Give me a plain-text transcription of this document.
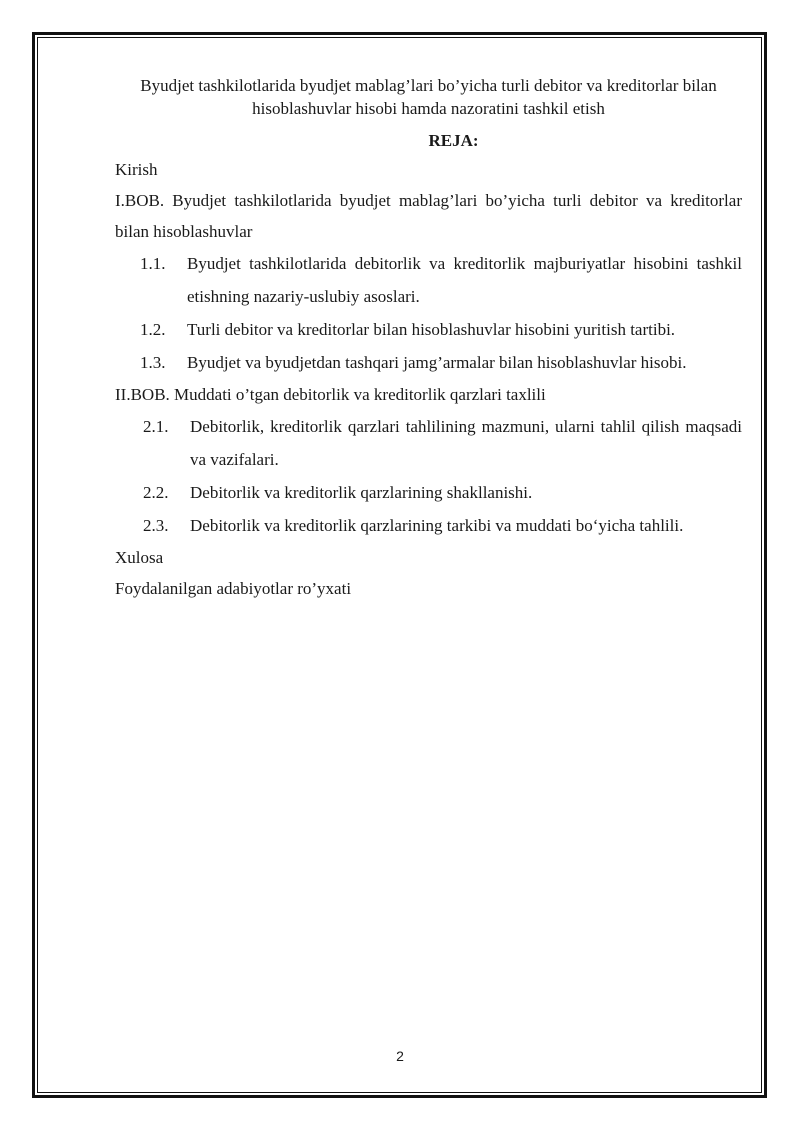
Byudjet tashkilotlarida byudjet mablag’lari bo’yicha turli debitor va kreditorlar bilan hisoblashuvlar hisobi hamda nazoratini tashkil etish

REJA:

Kirish

I.BOB. Byudjet tashkilotlarida byudjet mablag’lari bo’yicha turli debitor va kreditorlar bilan hisoblashuvlar

1.1.	Byudjet tashkilotlarida debitorlik va kreditorlik majburiyatlar hisobini tashkil etishning nazariy-uslubiy asoslari.
1.2.	Turli debitor va kreditorlar bilan hisoblashuvlar hisobini yuritish tartibi.
1.3.	Byudjet va byudjetdan tashqari jamg’armalar bilan hisoblashuvlar hisobi.

II.BOB. Muddati o’tgan debitorlik va kreditorlik qarzlari taxlili

2.1.	Debitorlik, kreditorlik qarzlari tahlilining mazmuni, ularni tahlil qilish maqsadi va vazifalari.
2.2.	Debitorlik va kreditorlik qarzlarining shakllanishi.
2.3.	Debitorlik va kreditorlik qarzlarining tarkibi va muddati bo‘yicha tahlili.

Xulosa

Foydalanilgan adabiyotlar ro’yxati

2
